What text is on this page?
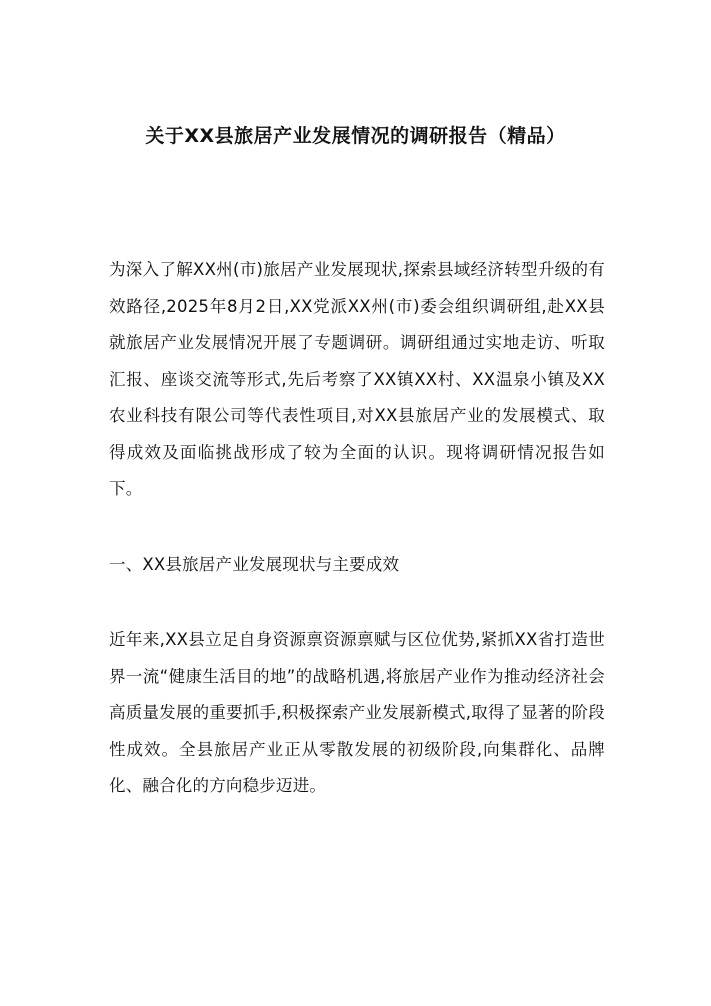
关于XX县旅居产业发展情况的调研报告（精品）

为深入了解XX州(市)旅居产业发展现状,探索县域经济转型升级的有效路径,2025年8月2日,XX党派XX州(市)委会组织调研组,赴XX县就旅居产业发展情况开展了专题调研。调研组通过实地走访、听取汇报、座谈交流等形式,先后考察了XX镇XX村、XX温泉小镇及XX农业科技有限公司等代表性项目,对XX县旅居产业的发展模式、取得成效及面临挑战形成了较为全面的认识。现将调研情况报告如下。

一、XX县旅居产业发展现状与主要成效

近年来,XX县立足自身资源禀资源禀赋与区位优势,紧抓XX省打造世界一流“健康生活目的地”的战略机遇,将旅居产业作为推动经济社会高质量发展的重要抓手,积极探索产业发展新模式,取得了显著的阶段性成效。全县旅居产业正从零散发展的初级阶段,向集群化、品牌化、融合化的方向稳步迈进。
